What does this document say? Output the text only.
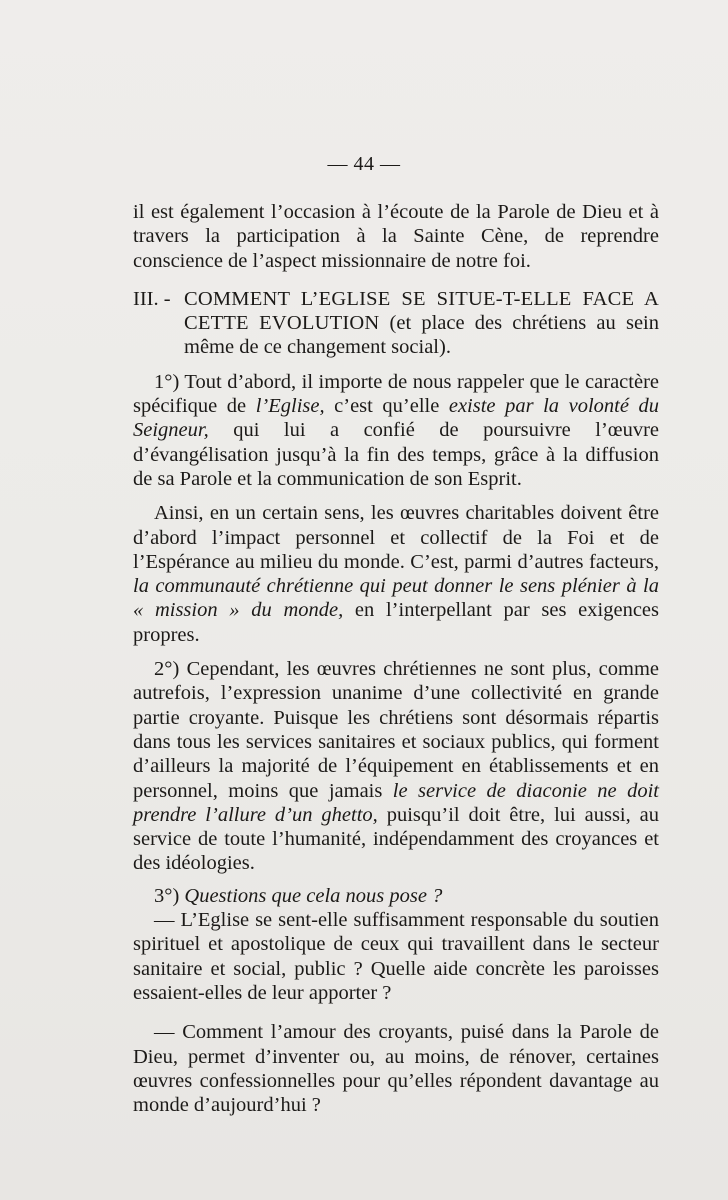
— 44 —

il est également l’occasion à l’écoute de la Parole de Dieu et à travers la participation à la Sainte Cène, de reprendre conscience de l’aspect missionnaire de notre foi.

III. - COMMENT L’EGLISE SE SITUE-T-ELLE FACE A CETTE EVOLUTION (et place des chrétiens au sein même de ce changement social).

1°) Tout d’abord, il importe de nous rappeler que le caractère spécifique de l’Eglise, c’est qu’elle existe par la volonté du Seigneur, qui lui a confié de poursuivre l’œuvre d’évangélisation jusqu’à la fin des temps, grâce à la diffusion de sa Parole et la communication de son Esprit.

Ainsi, en un certain sens, les œuvres charitables doivent être d’abord l’impact personnel et collectif de la Foi et de l’Espérance au milieu du monde. C’est, parmi d’autres facteurs, la communauté chrétienne qui peut donner le sens plénier à la « mission » du monde, en l’interpellant par ses exigences propres.

2°) Cependant, les œuvres chrétiennes ne sont plus, comme autrefois, l’expression unanime d’une collectivité en grande partie croyante. Puisque les chrétiens sont désormais répartis dans tous les services sanitaires et sociaux publics, qui forment d’ailleurs la majorité de l’équipement en établissements et en personnel, moins que jamais le service de diaconie ne doit prendre l’allure d’un ghetto, puisqu’il doit être, lui aussi, au service de toute l’humanité, indépendamment des croyances et des idéologies.

3°) Questions que cela nous pose ?

— L’Eglise se sent-elle suffisamment responsable du soutien spirituel et apostolique de ceux qui travaillent dans le secteur sanitaire et social, public ? Quelle aide concrète les paroisses essaient-elles de leur apporter ?

— Comment l’amour des croyants, puisé dans la Parole de Dieu, permet d’inventer ou, au moins, de rénover, certaines œuvres confessionnelles pour qu’elles répondent davantage au monde d’aujourd’hui ?
